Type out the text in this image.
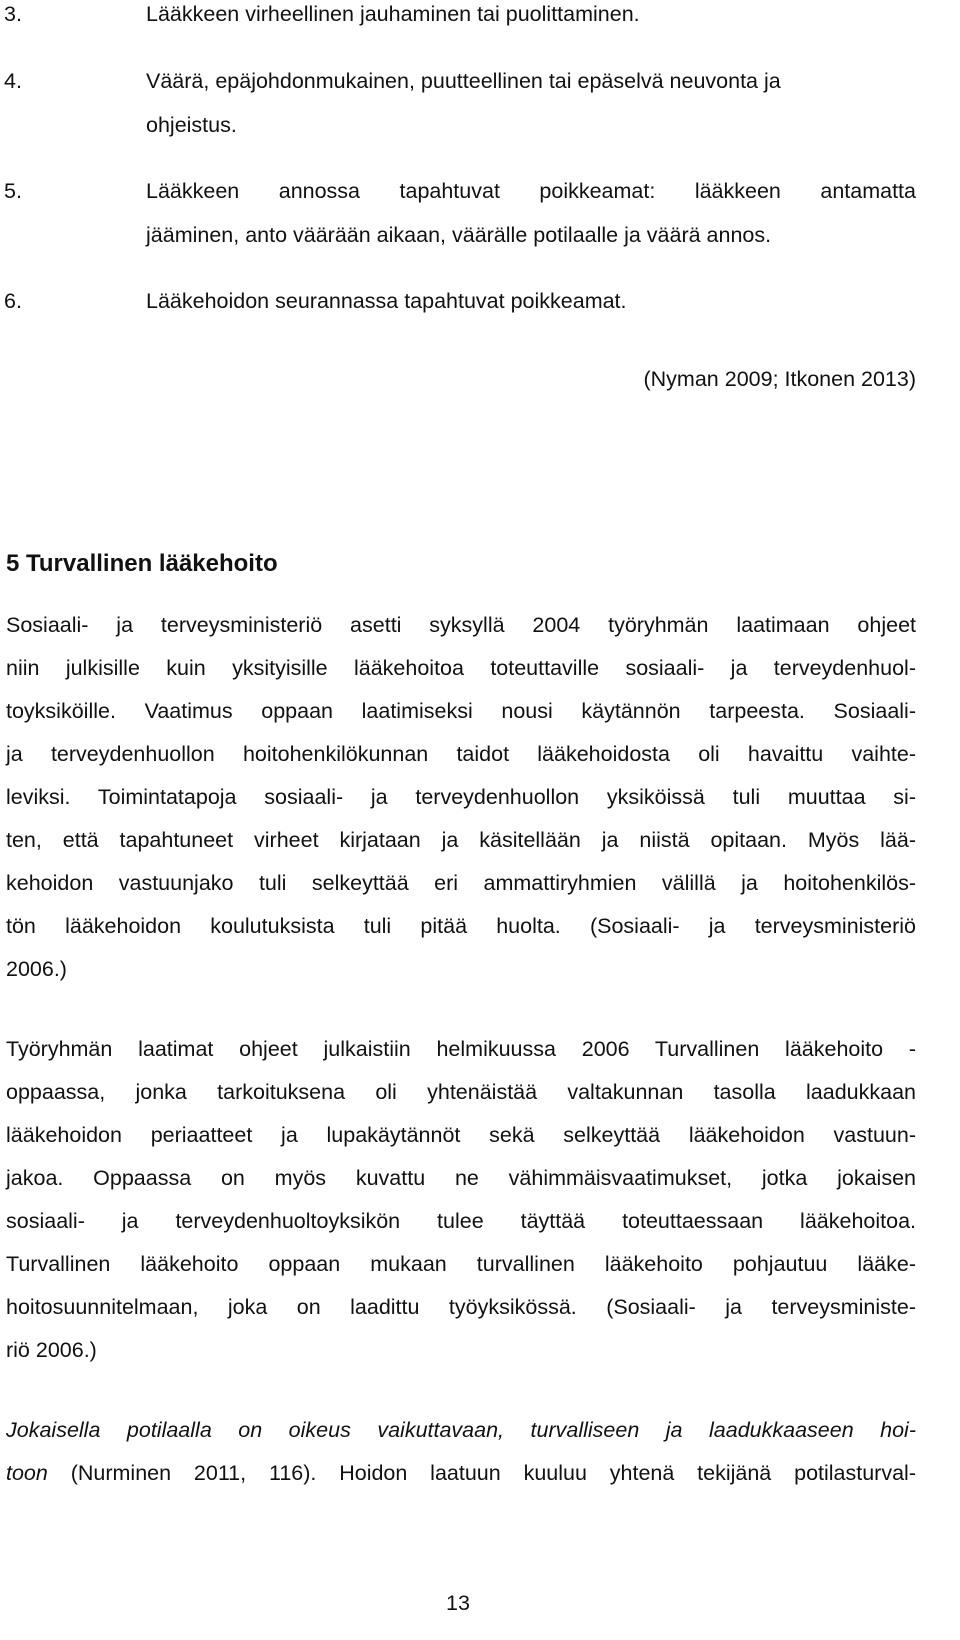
3.	Lääkkeen virheellinen jauhaminen tai puolittaminen.
4.	Väärä, epäjohdonmukainen, puutteellinen tai epäselvä neuvonta ja
ohjeistus.
5.	Lääkkeen annossa tapahtuvat poikkeamat: lääkkeen antamatta
jääminen, anto väärään aikaan, väärälle potilaalle ja väärä annos.
6.	Lääkehoidon seurannassa tapahtuvat poikkeamat.
(Nyman 2009; Itkonen 2013)
5 Turvallinen lääkehoito
Sosiaali- ja terveysministeriö asetti syksyllä 2004 työryhmän laatimaan ohjeet
niin julkisille kuin yksityisille lääkehoitoa toteuttaville sosiaali- ja terveydenhuol-
toyksiköille. Vaatimus oppaan laatimiseksi nousi käytännön tarpeesta. Sosiaali-
ja terveydenhuollon hoitohenkilökunnan taidot lääkehoidosta oli havaittu vaihte-
leviksi. Toimintatapoja sosiaali- ja terveydenhuollon yksiköissä tuli muuttaa si-
ten, että tapahtuneet virheet kirjataan ja käsitellään ja niistä opitaan. Myös lää-
kehoidon vastuunjako tuli selkeyttää eri ammattiryhmien välillä ja hoitohenkilös-
tön lääkehoidon koulutuksista tuli pitää huolta. (Sosiaali- ja terveysministeriö
2006.)
Työryhmän laatimat ohjeet julkaistiin helmikuussa 2006 Turvallinen lääkehoito -
oppaassa, jonka tarkoituksena oli yhtenäistää valtakunnan tasolla laadukkaan
lääkehoidon periaatteet ja lupakäytännöt sekä selkeyttää lääkehoidon vastuun-
jakoa. Oppaassa on myös kuvattu ne vähimmäisvaatimukset, jotka jokaisen
sosiaali- ja terveydenhuoltoyksikön tulee täyttää toteuttaessaan lääkehoitoa.
Turvallinen lääkehoito oppaan mukaan turvallinen lääkehoito pohjautuu lääke-
hoitosuunnitelmaan, joka on laadittu työyksikössä. (Sosiaali- ja terveysministe-
riö 2006.)
Jokaisella potilaalla on oikeus vaikuttavaan, turvalliseen ja laadukkaaseen hoi-
toon (Nurminen 2011, 116). Hoidon laatuun kuuluu yhtenä tekijänä potilasturval-
13
